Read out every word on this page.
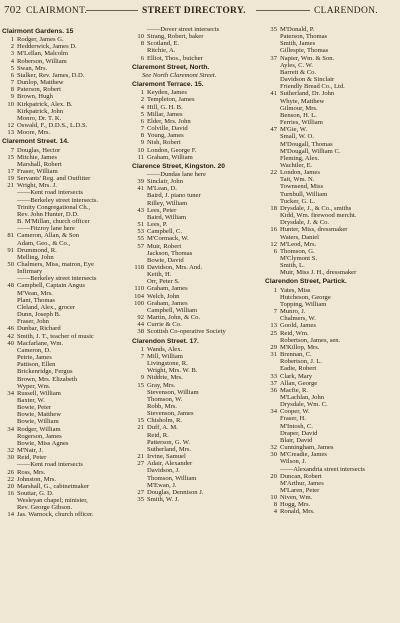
702 CLAIRMONT.	STREET DIRECTORY.	CLARENDON.
Clairmont Gardens. 15
1 Rodger, James G.
2 Hedderwick, James D.
3 M'Lellan, Malcolm
4 Roberson, William
5 Swan, Mrs.
6 Stalker, Rev. James, D.D.
7 Dunlop, Matthew
8 Paterson, Robert
9 Brown, Hugh
10 Kirkpatrick, Alex. B.
Kirkpatrick, John
Monro, Dr. T. K.
12 Oswald, F., D.D.S., L.D.S.
13 Moore, Mrs.
Claremont Street. 14.
7 Douglas, Hector
15 Mitchie, James
Marshall, Robert
17 Fraser, William
19 Servants' Reg. and Outfitter
21 Wright, Mrs. J.
——Kent road intersects
——Berkeley street intersects.
Trinity Congregational Ch.,
Rev. John Hunter, D.D.
B. M'Millan, church officer
——Fitzroy lane here
81 Cameron, Allan, & Son
Adam, Geo., & Co.,
91 Drummond, R.
Melling, John
50 Chalmers, Miss, matron, Eye
Infirmary
——Berkeley street intersects
48 Campbell, Captain Angus
M'Vean, Mrs.
Plant, Thomas
Cleland, Alex., grocer
Dunn, Joseph B.
Fraser, John
46 Dunbar, Richard
42 Smith, J. T., teacher of music
40 Macfarlane, Wm.
Cameron, D.
Petrie, James
Pattison, Ellen
Brickenridge, Fergus
Brown, Mrs. Elizabeth
Wyper, Wm.
34 Russell, William
Baxter, W.
Bowie, Peter
Bowie, Matthew
Bowie, William
34 Rodger, William
Rogerson, James
Bowie, Miss Agnes
32 M'Nair, J.
30 Reid, Peter
——Kent road intersects
26 Ross, Mrs.
22 Johnston, Mrs.
20 Marshall, G., cabinetmaker
16 Souttar, G. D.
Wesleyan chapel; minister,
Rev. George Gibson.
14 Jas. Warnock, church officer.
——Dover street intersects
10 Strang, Robert, baker
8 Scotland, E.
Ritchie, A.
6 Elliot, Thos., butcher
Claremont Street, North.
See North Claremont Street.
Claremont Terrace. 15.
1 Keyden, James
2 Templeton, James
4 Hill, G. H. B.
5 Millar, James
6 Elder, Mrs. John
7 Colville, David
8 Young, James
9 Nish, Robert
10 London, George F.
11 Graham, William
Clarence Street, Kingston. 20
——Dundas lane here
39 Sinclair, John
41 M'Lean, D.
Baird, J. piano tuner
Rilley, William
43 Lees, Peter
Baird, William
51 Lees, P.
53 Campbell, C.
55 M'Cormack, W.
57 Muir, Robert
Jackson, Thomas
Bowie, David
118 Davidson, Mrs. And.
Keith, H.
Orr, Peter S.
110 Graham, James
104 Welch, John
100 Graham, James
Campbell, William
92 Martin, John, & Co.
44 Currie & Co.
38 Scottish Co-operative Society
Clarendon Street. 17.
1 Wands, Alex.
7 Mill, William
Livingstone, R.
Wright, Mrs. W. B.
9 Niddrie, Mrs.
15 Gray, Mrs.
Stevenson, William
Thomson, W.
Robb, Mrs.
Stevenson, James
15 Chisholm, R.
21 Duff, A. M.
Reid, R.
Patterson, G. W.
Sutherland, Mrs.
21 Irvine, Samuel
27 Adair, Alexander
Davidson, J.
Thomson, William
M'Ewan, J.
27 Douglas, Dennison J.
35 Smith, W. J.
35 M'Donald, P.
Paterson, Thomas
Smith, James
Gillespie, Thomas
37 Napier, Wm. & Son.
Ayles, C. W.
Barrett & Co.
Davidson & Sinclair
Friendly Bread Co., Ltd.
41 Sutherland, Dr. John
Whyte, Matthew
Gilmour, Mrs.
Benson, H. L.
Ferries, William
47 M'Gie, W.
Small, W. O.
M'Dougall, Thomas
M'Dougall, William C.
Fleming, Alex.
Wachtler, E.
22 London, James
Tait, Wm. N.
Townsend, Miss
Turnbull, William
Tucker, G. L.
18 Drysdale, J., & Co., smiths
Kidd, Wm. firewood mercht.
Drysdale, J. & Co.
16 Hunter, Miss, dressmaker
Waters, Daniel
12 M'Leod, Mrs.
6 Thomson, G.
M'Clymont S.
Smith, L.
Muir, Miss J. H., dressmaker
Clarendon Street, Partick.
1 Yates, Miss
Hutcheson, George
Topping, William
7 Munro, J.
Chalmers, W.
13 Goold, James
25 Reid, Wm.
Robertson, James, sen.
29 M'Killop, Mrs.
31 Brennan, C.
Robertson, J. L.
Eadie, Robert
33 Clark, Mary
37 Allan, George
36 Macfie, R.
M'Lachlan, John
Drysdale, Wm. C.
34 Cooper, W.
Fraser, H.
M'Intosh, C.
Draper, David
Blair, David
32 Cunningham, James
30 M'Creadie, James
Wilson, J.
——Alexandria street intersects
20 Duncan, Robert
M'Arthur, James
M'Laren, Peter
10 Niven, Wm.
8 Hogg, Mrs.
4 Ronald, Mrs.
